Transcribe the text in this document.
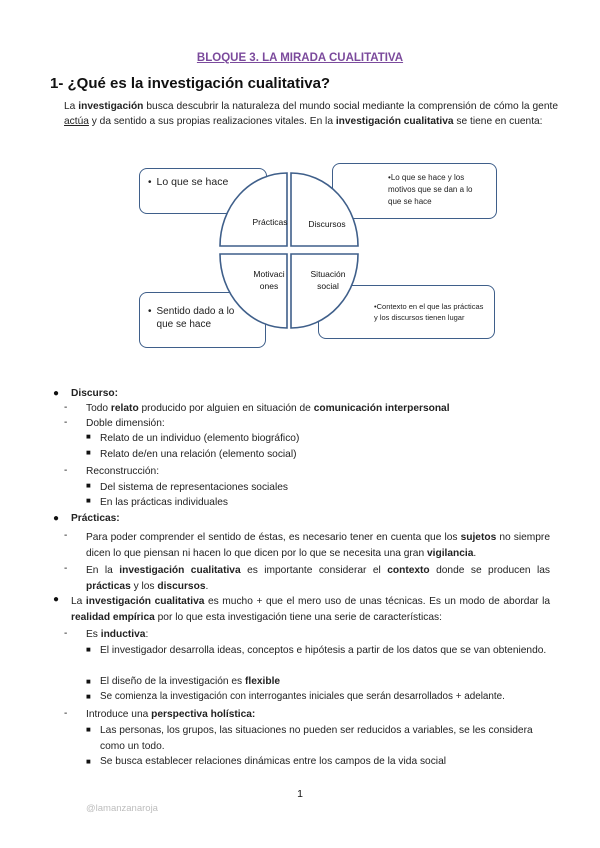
BLOQUE 3. LA MIRADA CUALITATIVA
1- ¿Qué es la investigación cualitativa?
La investigación busca descubrir la naturaleza del mundo social mediante la comprensión de cómo la gente actúa y da sentido a sus propias realizaciones vitales. En la investigación cualitativa se tiene en cuenta:
• Lo que se hace	•Lo que se hace y los motivos que se dan a lo que se hace
• Sentido dado a lo que se hace
•Contexto en el que las prácticas y los discursos tienen lugar
Prácticas	Discursos
Motivaci
ones
Situación
social
● Discurso:
- Todo relato producido por alguien en situación de comunicación interpersonal
- Doble dimensión:
■ Relato de un individuo (elemento biográfico)
■ Relato de/en una relación (elemento social)
- Reconstrucción:
■ Del sistema de representaciones sociales
■ En las prácticas individuales
● Prácticas:
- Para poder comprender el sentido de éstas, es necesario tener en cuenta que los sujetos no siempre dicen lo que piensan ni hacen lo que dicen por lo que se necesita una gran vigilancia.
- En la investigación cualitativa es importante considerar el contexto donde se producen las prácticas y los discursos.
● La investigación cualitativa es mucho + que el mero uso de unas técnicas. Es un modo de abordar la realidad empírica por lo que esta investigación tiene una serie de características:
- Es inductiva:
■ El investigador desarrolla ideas, conceptos e hipótesis a partir de los datos que se van obteniendo.
■ El diseño de la investigación es flexible
■ Se comienza la investigación con interrogantes iniciales que serán desarrollados + adelante.
- Introduce una perspectiva holística:
■ Las personas, los grupos, las situaciones no pueden ser reducidos a variables, se les considera como un todo.
■ Se busca establecer relaciones dinámicas entre los campos de la vida social
1
@lamanzanaroja
